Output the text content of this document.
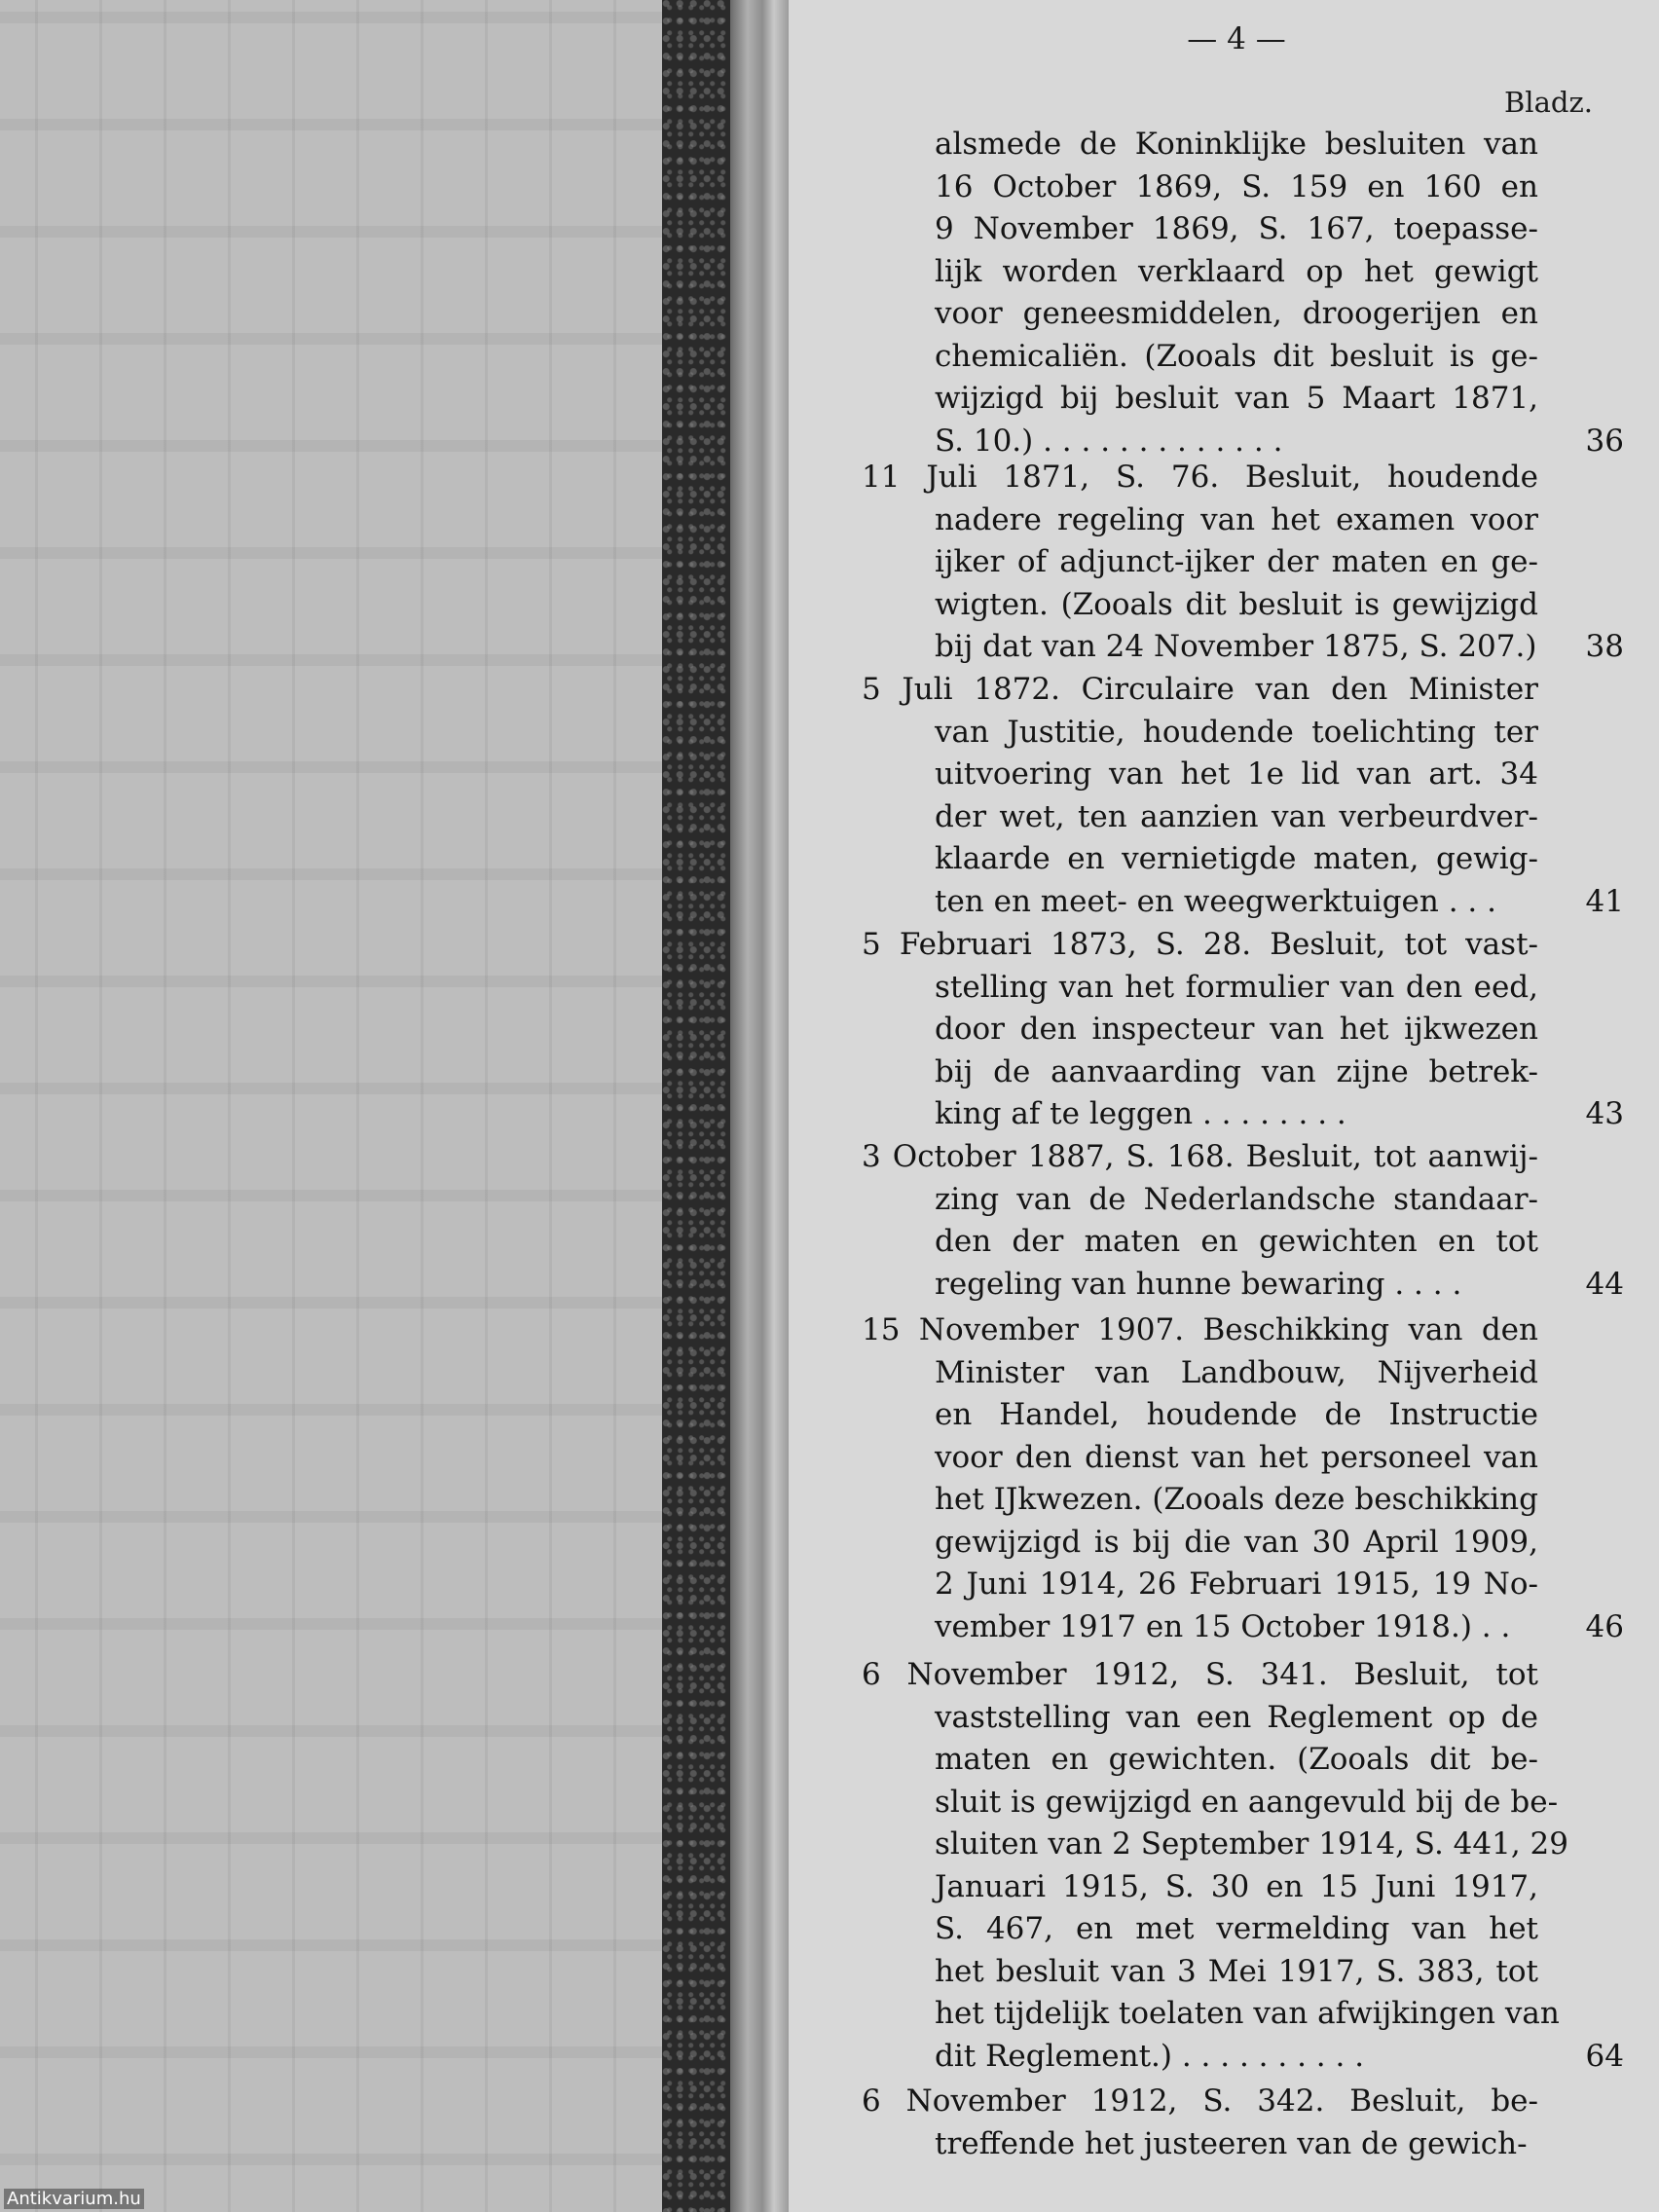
— 4 —
Bladz.
alsmede de Koninklijke besluiten van
16 October 1869, S. 159 en 160 en
9 November 1869, S. 167, toepasse-
lijk worden verklaard op het gewigt
voor geneesmiddelen, droogerijen en
chemicaliën. (Zooals dit besluit is ge-
wijzigd bij besluit van 5 Maart 1871,
S. 10.) . . . . . . . . . . . . .	36
11 Juli 1871, S. 76. Besluit, houdende
nadere regeling van het examen voor
ijker of adjunct-ijker der maten en ge-
wigten. (Zooals dit besluit is gewijzigd
bij dat van 24 November 1875, S. 207.)	38
5 Juli 1872. Circulaire van den Minister
van Justitie, houdende toelichting ter
uitvoering van het 1e lid van art. 34
der wet, ten aanzien van verbeurdver-
klaarde en vernietigde maten, gewig-
ten en meet- en weegwerktuigen . . .	41
5 Februari 1873, S. 28. Besluit, tot vast-
stelling van het formulier van den eed,
door den inspecteur van het ijkwezen
bij de aanvaarding van zijne betrek-
king af te leggen . . . . . . . .	43
3 October 1887, S. 168. Besluit, tot aanwij-
zing van de Nederlandsche standaar-
den der maten en gewichten en tot
regeling van hunne bewaring . . . .	44
15 November 1907. Beschikking van den
Minister van Landbouw, Nijverheid
en Handel, houdende de Instructie
voor den dienst van het personeel van
het IJkwezen. (Zooals deze beschikking
gewijzigd is bij die van 30 April 1909,
2 Juni 1914, 26 Februari 1915, 19 No-
vember 1917 en 15 October 1918.) . .	46
6 November 1912, S. 341. Besluit, tot
vaststelling van een Reglement op de
maten en gewichten. (Zooals dit be-
sluit is gewijzigd en aangevuld bij de be-
sluiten van 2 September 1914, S. 441, 29
Januari 1915, S. 30 en 15 Juni 1917,
S. 467, en met vermelding van het
het besluit van 3 Mei 1917, S. 383, tot
het tijdelijk toelaten van afwijkingen van
dit Reglement.) . . . . . . . . . .	64
6 November 1912, S. 342. Besluit, be-
treffende het justeeren van de gewich-
Antikvarium.hu
